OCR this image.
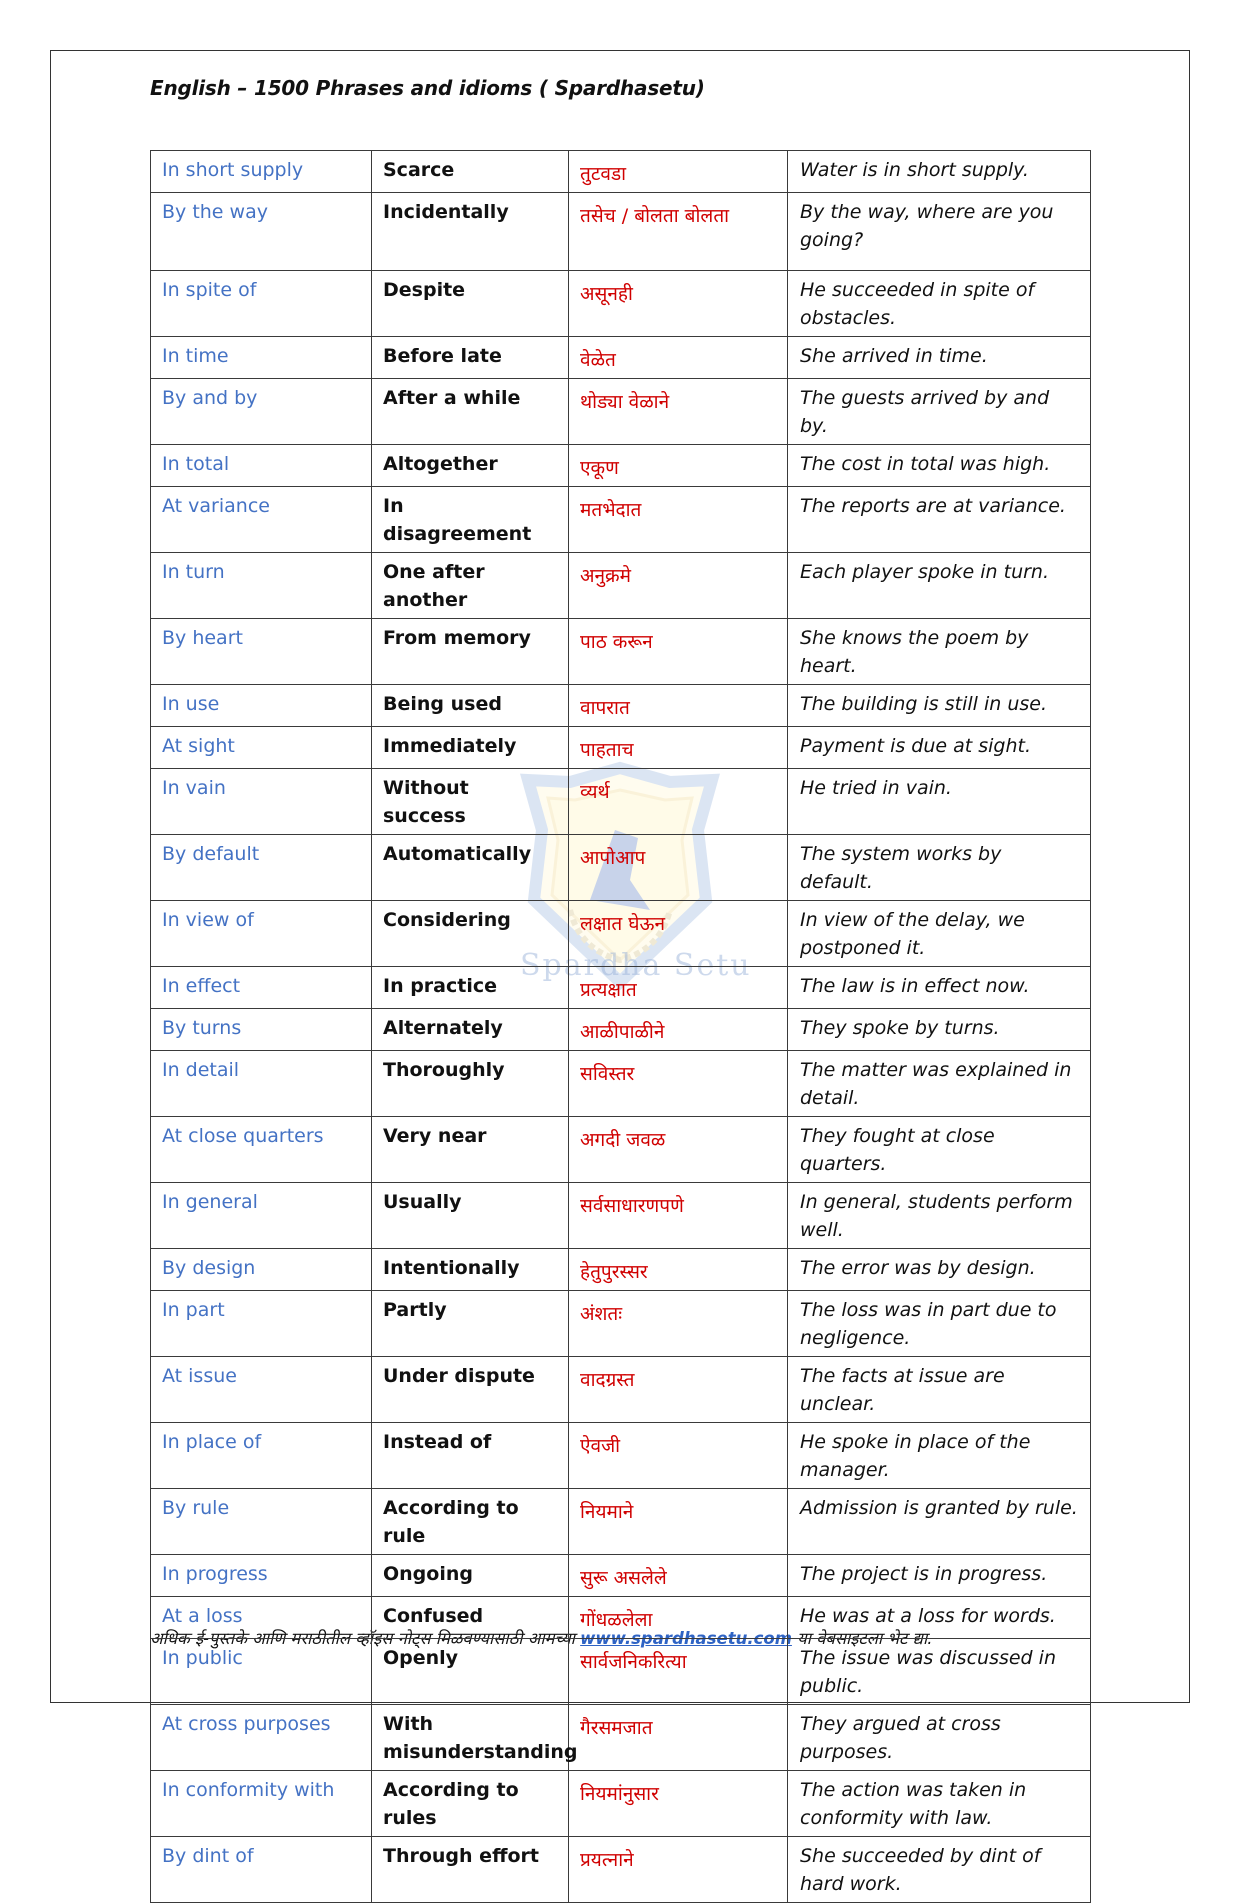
English – 1500 Phrases and idioms ( Spardhasetu)
Spardha Setu
In short supply	Scarce	तुटवडा	Water is in short supply.
By the way	Incidentally	तसेच / बोलता बोलता	By the way, where are you going?
In spite of	Despite	असूनही	He succeeded in spite of obstacles.
In time	Before late	वेळेत	She arrived in time.
By and by	After a while	थोड्या वेळाने	The guests arrived by and by.
In total	Altogether	एकूण	The cost in total was high.
At variance	In disagreement	मतभेदात	The reports are at variance.
In turn	One after another	अनुक्रमे	Each player spoke in turn.
By heart	From memory	पाठ करून	She knows the poem by heart.
In use	Being used	वापरात	The building is still in use.
At sight	Immediately	पाहताच	Payment is due at sight.
In vain	Without success	व्यर्थ	He tried in vain.
By default	Automatically	आपोआप	The system works by default.
In view of	Considering	लक्षात घेऊन	In view of the delay, we postponed it.
In effect	In practice	प्रत्यक्षात	The law is in effect now.
By turns	Alternately	आळीपाळीने	They spoke by turns.
In detail	Thoroughly	सविस्तर	The matter was explained in detail.
At close quarters	Very near	अगदी जवळ	They fought at close quarters.
In general	Usually	सर्वसाधारणपणे	In general, students perform well.
By design	Intentionally	हेतुपुरस्सर	The error was by design.
In part	Partly	अंशतः	The loss was in part due to negligence.
At issue	Under dispute	वादग्रस्त	The facts at issue are unclear.
In place of	Instead of	ऐवजी	He spoke in place of the manager.
By rule	According to rule	नियमाने	Admission is granted by rule.
In progress	Ongoing	सुरू असलेले	The project is in progress.
At a loss	Confused	गोंधळलेला	He was at a loss for words.
In public	Openly	सार्वजनिकरित्या	The issue was discussed in public.
At cross purposes	With misunderstanding	गैरसमजात	They argued at cross purposes.
In conformity with	According to rules	नियमांनुसार	The action was taken in conformity with law.
By dint of	Through effort	प्रयत्नाने	She succeeded by dint of hard work.
अधिक ई-पुस्तके आणि मराठीतील व्हॉइस नोट्स मिळवण्यासाठी आमच्या www.spardhasetu.com या वेबसाइटला भेट द्या.
